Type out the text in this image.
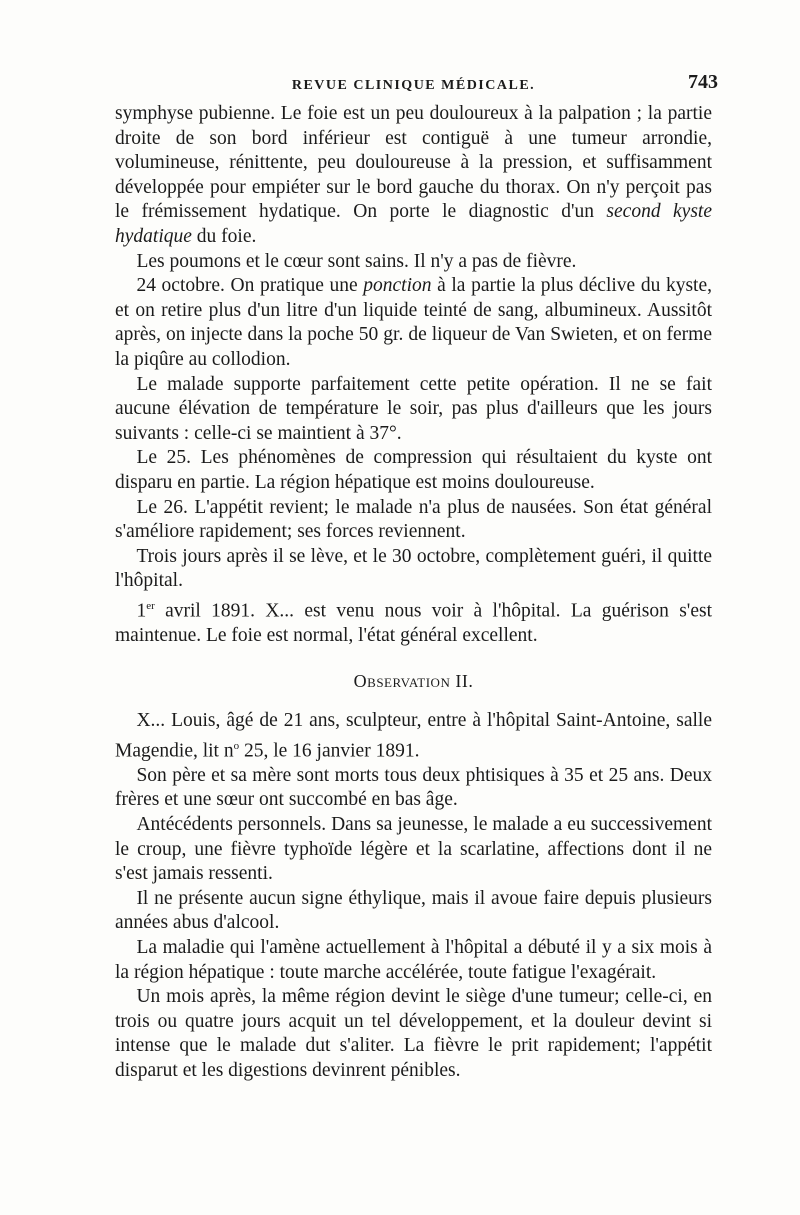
REVUE CLINIQUE MÉDICALE.	743

symphyse pubienne. Le foie est un peu douloureux à la palpation ; la partie droite de son bord inférieur est contiguë à une tumeur arrondie, volumineuse, rénittente, peu douloureuse à la pression, et suffisamment développée pour empiéter sur le bord gauche du thorax. On n'y perçoit pas le frémissement hydatique. On porte le diagnostic d'un second kyste hydatique du foie.

Les poumons et le cœur sont sains. Il n'y a pas de fièvre.

24 octobre. On pratique une ponction à la partie la plus déclive du kyste, et on retire plus d'un litre d'un liquide teinté de sang, albumineux. Aussitôt après, on injecte dans la poche 50 gr. de liqueur de Van Swieten, et on ferme la piqûre au collodion.

Le malade supporte parfaitement cette petite opération. Il ne se fait aucune élévation de température le soir, pas plus d'ailleurs que les jours suivants : celle-ci se maintient à 37°.

Le 25. Les phénomènes de compression qui résultaient du kyste ont disparu en partie. La région hépatique est moins douloureuse.

Le 26. L'appétit revient; le malade n'a plus de nausées. Son état général s'améliore rapidement; ses forces reviennent.

Trois jours après il se lève, et le 30 octobre, complètement guéri, il quitte l'hôpital.

1er avril 1891. X... est venu nous voir à l'hôpital. La guérison s'est maintenue. Le foie est normal, l'état général excellent.

Observation II.

X... Louis, âgé de 21 ans, sculpteur, entre à l'hôpital Saint-Antoine, salle Magendie, lit $n^o$ 25, le 16 janvier 1891.

Son père et sa mère sont morts tous deux phtisiques à 35 et 25 ans. Deux frères et une sœur ont succombé en bas âge.

Antécédents personnels. Dans sa jeunesse, le malade a eu successivement le croup, une fièvre typhoïde légère et la scarlatine, affections dont il ne s'est jamais ressenti.

Il ne présente aucun signe éthylique, mais il avoue faire depuis plusieurs années abus d'alcool.

La maladie qui l'amène actuellement à l'hôpital a débuté il y a six mois à la région hépatique : toute marche accélérée, toute fatigue l'exagérait.

Un mois après, la même région devint le siège d'une tumeur; celle-ci, en trois ou quatre jours acquit un tel développement, et la douleur devint si intense que le malade dut s'aliter. La fièvre le prit rapidement; l'appétit disparut et les digestions devinrent pénibles.
